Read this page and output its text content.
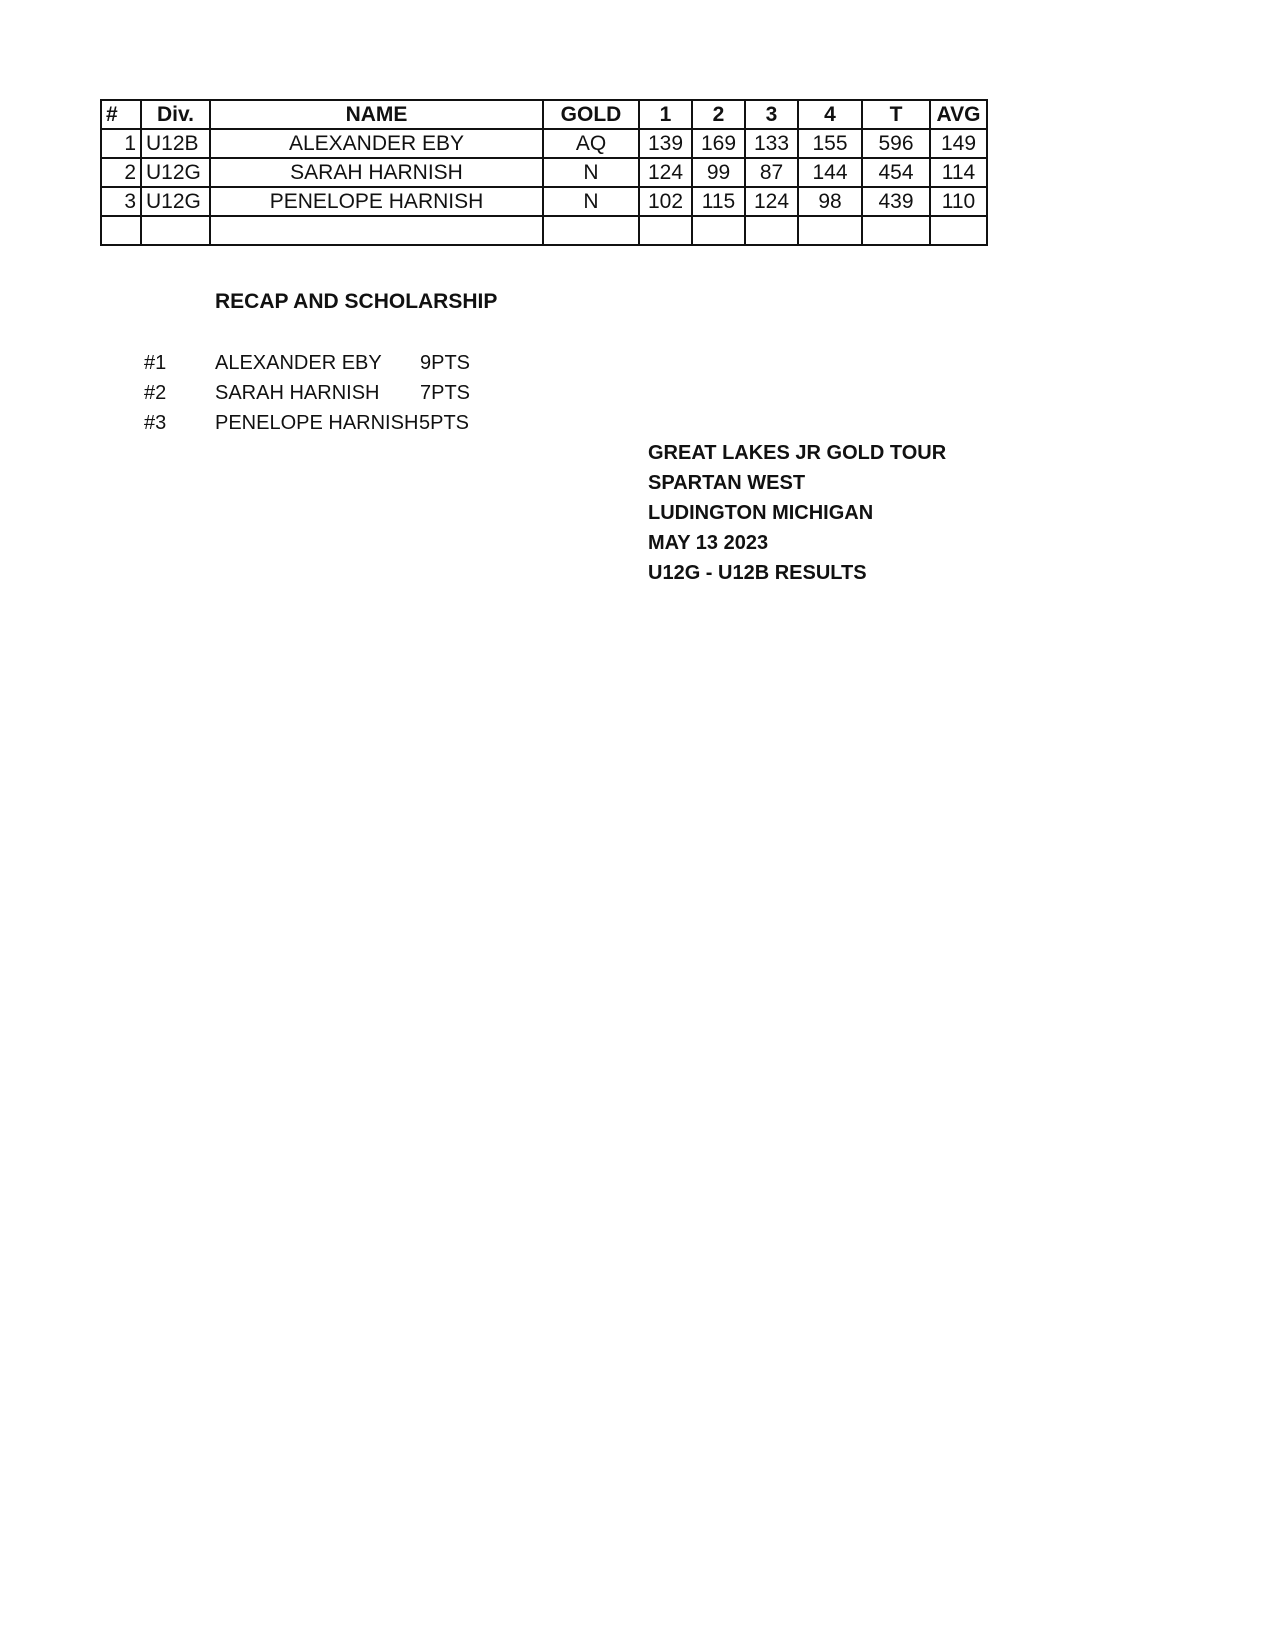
#	Div.	NAME	GOLD	1	2	3	4	T	AVG
1	U12B	ALEXANDER EBY	AQ	139	169	133	155	596	149
2	U12G	SARAH HARNISH	N	124	99	87	144	454	114
3	U12G	PENELOPE HARNISH	N	102	115	124	98	439	110

RECAP AND SCHOLARSHIP
#1 ALEXANDER EBY 9PTS
#2 SARAH HARNISH 7PTS
#3 PENELOPE HARNISH 5PTS
GREAT LAKES JR GOLD TOUR
SPARTAN WEST
LUDINGTON MICHIGAN
MAY 13 2023
U12G - U12B RESULTS
